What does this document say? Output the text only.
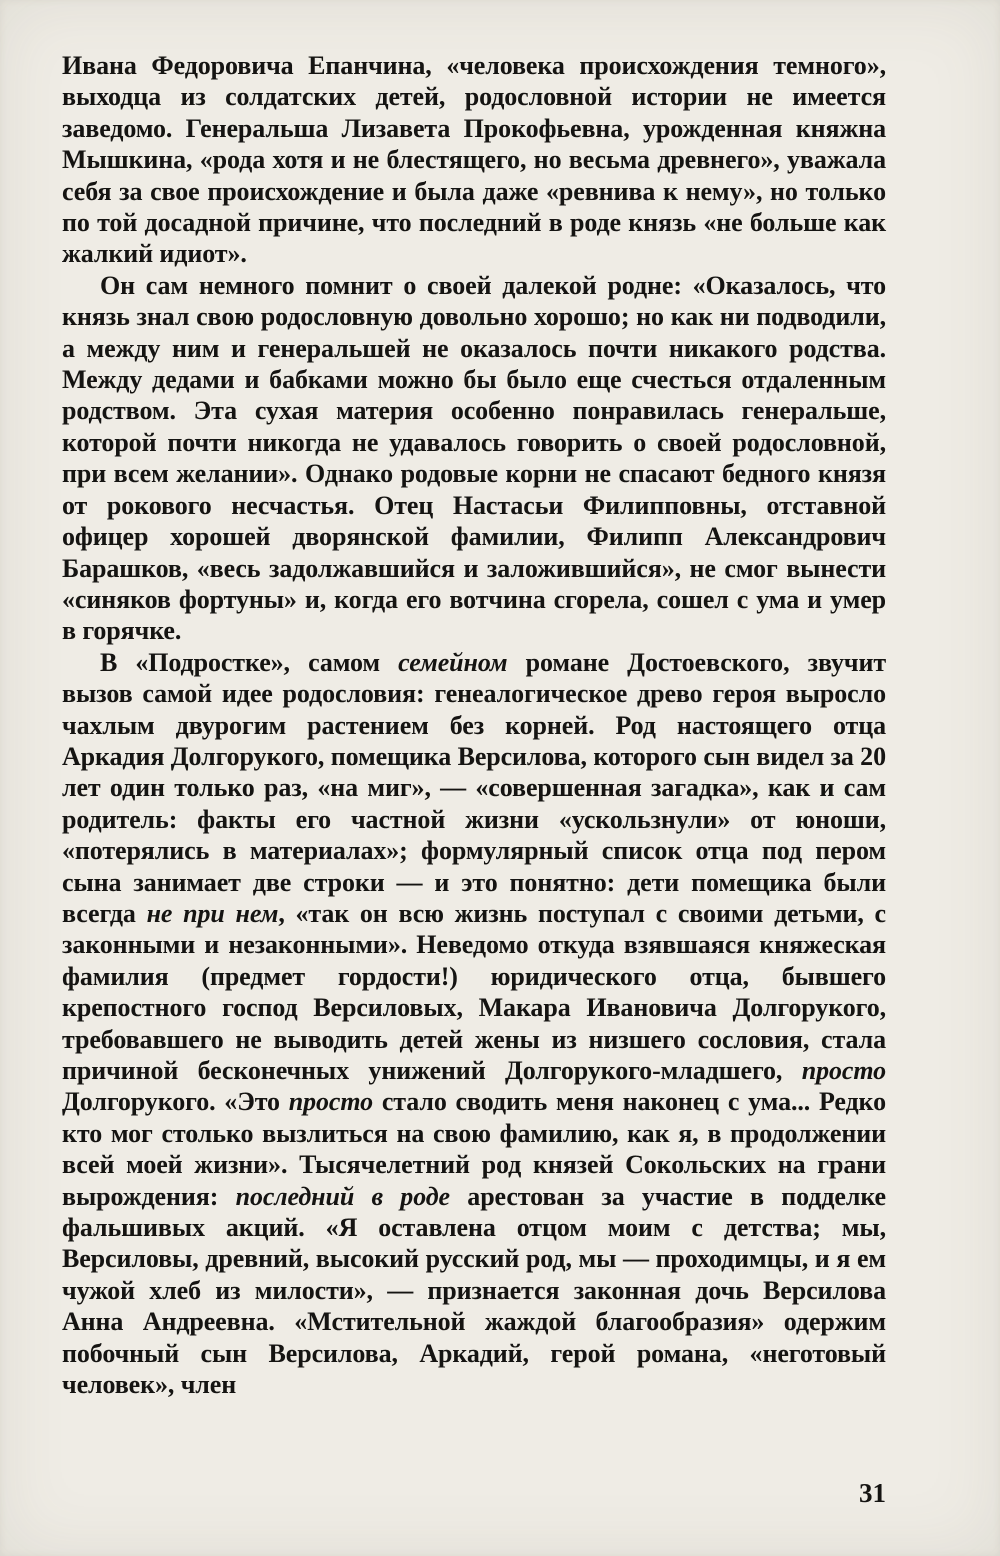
Ивана Федоровича Епанчина, «человека происхождения темного», выходца из солдатских детей, родословной истории не имеется заведомо. Генеральша Лизавета Прокофьевна, урожденная княжна Мышкина, «рода хотя и не блестящего, но весьма древнего», уважала себя за свое происхождение и была даже «ревнива к нему», но только по той досадной причине, что последний в роде князь «не больше как жалкий идиот».

Он сам немного помнит о своей далекой родне: «Оказалось, что князь знал свою родословную довольно хорошо; но как ни подводили, а между ним и генеральшей не оказалось почти никакого родства. Между дедами и бабками можно бы было еще счесться отдаленным родством. Эта сухая материя особенно понравилась генеральше, которой почти никогда не удавалось говорить о своей родословной, при всем желании». Однако родовые корни не спасают бедного князя от рокового несчастья. Отец Настасьи Филипповны, отставной офицер хорошей дворянской фамилии, Филипп Александрович Барашков, «весь задолжавшийся и заложившийся», не смог вынести «синяков фортуны» и, когда его вотчина сгорела, сошел с ума и умер в горячке.

В «Подростке», самом семейном романе Достоевского, звучит вызов самой идее родословия: генеалогическое древо героя выросло чахлым двурогим растением без корней. Род настоящего отца Аркадия Долгорукого, помещика Версилова, которого сын видел за 20 лет один только раз, «на миг», — «совершенная загадка», как и сам родитель: факты его частной жизни «ускользнули» от юноши, «потерялись в материалах»; формулярный список отца под пером сына занимает две строки — и это понятно: дети помещика были всегда не при нем, «так он всю жизнь поступал с своими детьми, с законными и незаконными». Неведомо откуда взявшаяся княжеская фамилия (предмет гордости!) юридического отца, бывшего крепостного господ Версиловых, Макара Ивановича Долгорукого, требовавшего не выводить детей жены из низшего сословия, стала причиной бесконечных унижений Долгорукого-младшего, просто Долгорукого. «Это просто стало сводить меня наконец с ума... Редко кто мог столько вызлиться на свою фамилию, как я, в продолжении всей моей жизни». Тысячелетний род князей Сокольских на грани вырождения: последний в роде арестован за участие в подделке фальшивых акций. «Я оставлена отцом моим с детства; мы, Версиловы, древний, высокий русский род, мы — проходимцы, и я ем чужой хлеб из милости», — признается законная дочь Версилова Анна Андреевна. «Мстительной жаждой благообразия» одержим побочный сын Версилова, Аркадий, герой романа, «неготовый человек», член

31
